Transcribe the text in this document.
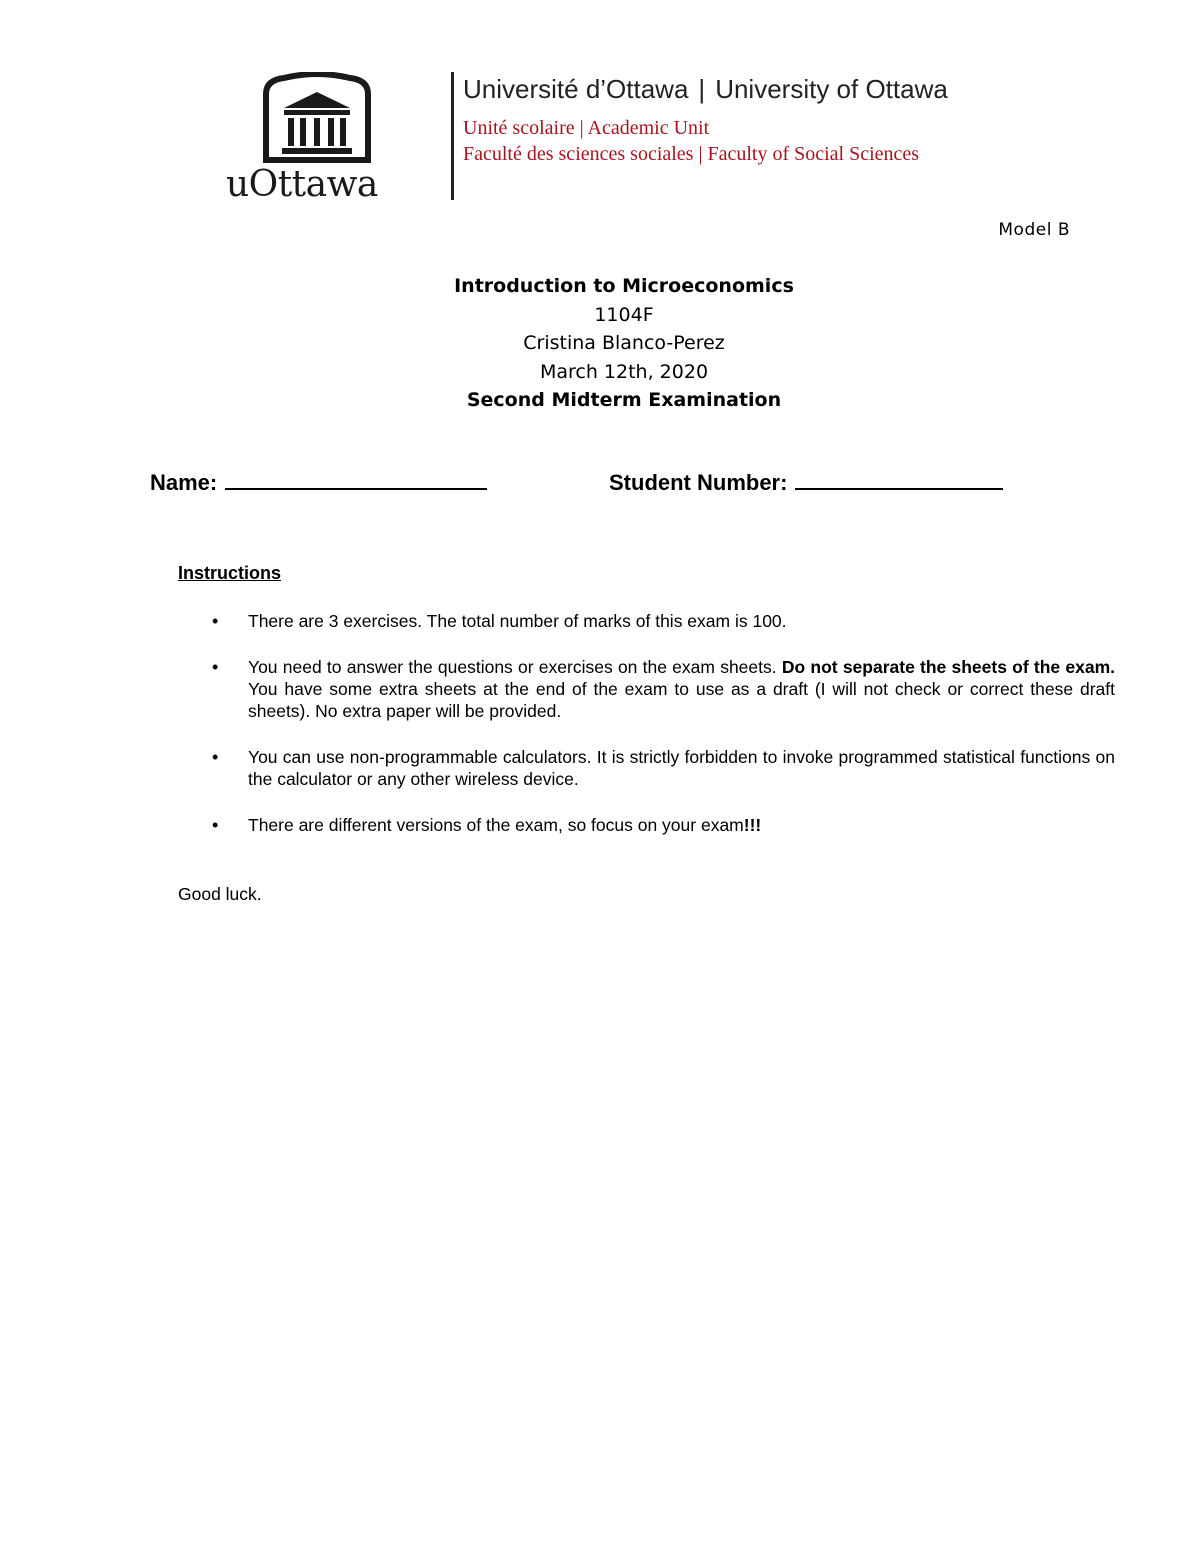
uOttawa
Université d’Ottawa | University of Ottawa
Unité scolaire | Academic Unit
Faculté des sciences sociales | Faculty of Social Sciences
Model B
Introduction to Microeconomics
1104F
Cristina Blanco-Perez
March 12th, 2020
Second Midterm Examination
Name:	Student Number:
Instructions
• There are 3 exercises. The total number of marks of this exam is 100.
• You need to answer the questions or exercises on the exam sheets. Do not separate the sheets of the exam. You have some extra sheets at the end of the exam to use as a draft (I will not check or correct these draft sheets). No extra paper will be provided.
• You can use non-programmable calculators. It is strictly forbidden to invoke programmed statistical functions on the calculator or any other wireless device.
• There are different versions of the exam, so focus on your exam!!!
Good luck.
